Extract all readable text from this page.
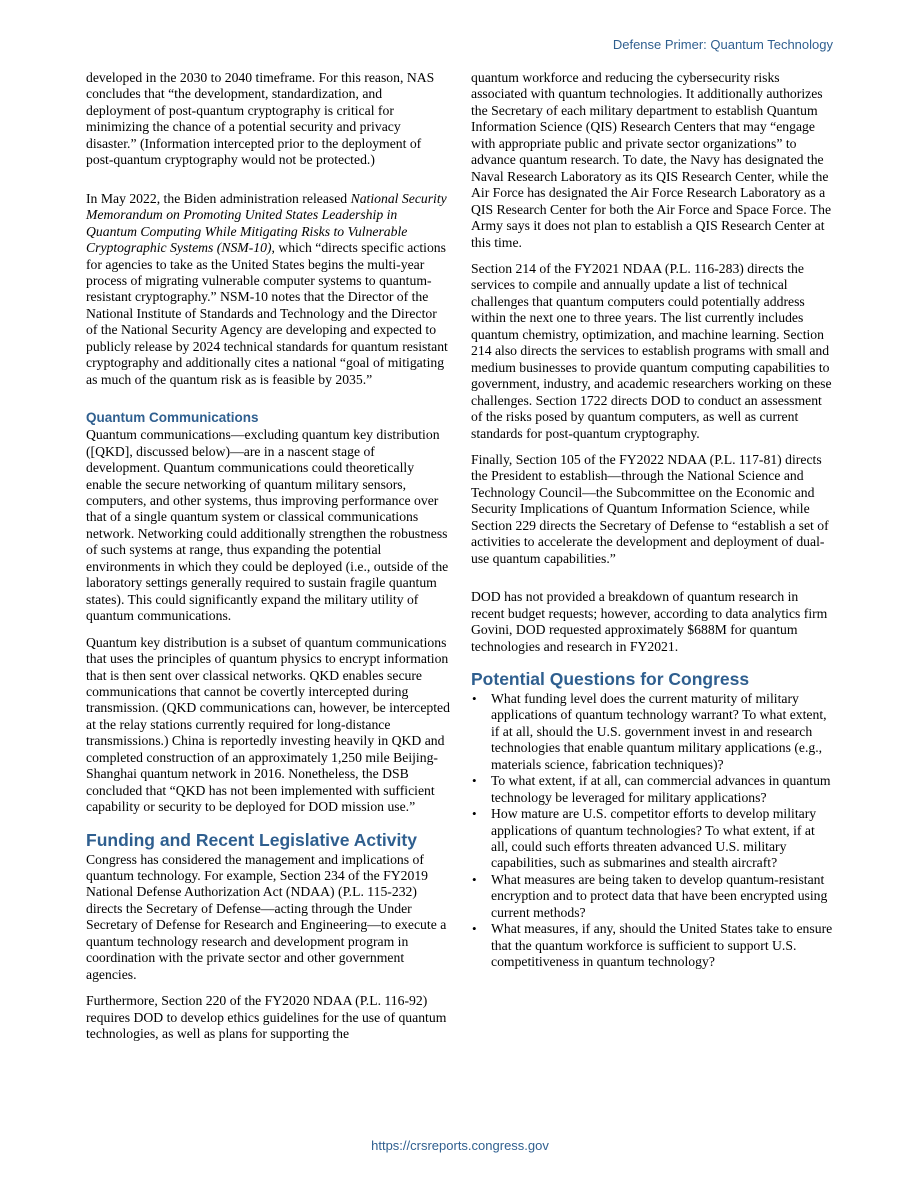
Defense Primer: Quantum Technology

developed in the 2030 to 2040 timeframe. For this reason, NAS concludes that “the development, standardization, and deployment of post-quantum cryptography is critical for minimizing the chance of a potential security and privacy disaster.” (Information intercepted prior to the deployment of post-quantum cryptography would not be protected.)

In May 2022, the Biden administration released National Security Memorandum on Promoting United States Leadership in Quantum Computing While Mitigating Risks to Vulnerable Cryptographic Systems (NSM-10), which “directs specific actions for agencies to take as the United States begins the multi-year process of migrating vulnerable computer systems to quantum-resistant cryptography.” NSM-10 notes that the Director of the National Institute of Standards and Technology and the Director of the National Security Agency are developing and expected to publicly release by 2024 technical standards for quantum resistant cryptography and additionally cites a national “goal of mitigating as much of the quantum risk as is feasible by 2035.”

Quantum Communications

Quantum communications—excluding quantum key distribution ([QKD], discussed below)—are in a nascent stage of development. Quantum communications could theoretically enable the secure networking of quantum military sensors, computers, and other systems, thus improving performance over that of a single quantum system or classical communications network. Networking could additionally strengthen the robustness of such systems at range, thus expanding the potential environments in which they could be deployed (i.e., outside of the laboratory settings generally required to sustain fragile quantum states). This could significantly expand the military utility of quantum communications.

Quantum key distribution is a subset of quantum communications that uses the principles of quantum physics to encrypt information that is then sent over classical networks. QKD enables secure communications that cannot be covertly intercepted during transmission. (QKD communications can, however, be intercepted at the relay stations currently required for long-distance transmissions.) China is reportedly investing heavily in QKD and completed construction of an approximately 1,250 mile Beijing-Shanghai quantum network in 2016. Nonetheless, the DSB concluded that “QKD has not been implemented with sufficient capability or security to be deployed for DOD mission use.”

Funding and Recent Legislative Activity

Congress has considered the management and implications of quantum technology. For example, Section 234 of the FY2019 National Defense Authorization Act (NDAA) (P.L. 115-232) directs the Secretary of Defense—acting through the Under Secretary of Defense for Research and Engineering—to execute a quantum technology research and development program in coordination with the private sector and other government agencies.

Furthermore, Section 220 of the FY2020 NDAA (P.L. 116-92) requires DOD to develop ethics guidelines for the use of quantum technologies, as well as plans for supporting the

quantum workforce and reducing the cybersecurity risks associated with quantum technologies. It additionally authorizes the Secretary of each military department to establish Quantum Information Science (QIS) Research Centers that may “engage with appropriate public and private sector organizations” to advance quantum research. To date, the Navy has designated the Naval Research Laboratory as its QIS Research Center, while the Air Force has designated the Air Force Research Laboratory as a QIS Research Center for both the Air Force and Space Force. The Army says it does not plan to establish a QIS Research Center at this time.

Section 214 of the FY2021 NDAA (P.L. 116-283) directs the services to compile and annually update a list of technical challenges that quantum computers could potentially address within the next one to three years. The list currently includes quantum chemistry, optimization, and machine learning. Section 214 also directs the services to establish programs with small and medium businesses to provide quantum computing capabilities to government, industry, and academic researchers working on these challenges. Section 1722 directs DOD to conduct an assessment of the risks posed by quantum computers, as well as current standards for post-quantum cryptography.

Finally, Section 105 of the FY2022 NDAA (P.L. 117-81) directs the President to establish—through the National Science and Technology Council—the Subcommittee on the Economic and Security Implications of Quantum Information Science, while Section 229 directs the Secretary of Defense to “establish a set of activities to accelerate the development and deployment of dual-use quantum capabilities.”

DOD has not provided a breakdown of quantum research in recent budget requests; however, according to data analytics firm Govini, DOD requested approximately $688M for quantum technologies and research in FY2021.

Potential Questions for Congress
• What funding level does the current maturity of military applications of quantum technology warrant? To what extent, if at all, should the U.S. government invest in and research technologies that enable quantum military applications (e.g., materials science, fabrication techniques)?
• To what extent, if at all, can commercial advances in quantum technology be leveraged for military applications?
• How mature are U.S. competitor efforts to develop military applications of quantum technologies? To what extent, if at all, could such efforts threaten advanced U.S. military capabilities, such as submarines and stealth aircraft?
• What measures are being taken to develop quantum-resistant encryption and to protect data that have been encrypted using current methods?
• What measures, if any, should the United States take to ensure that the quantum workforce is sufficient to support U.S. competitiveness in quantum technology?
https://crsreports.congress.gov
